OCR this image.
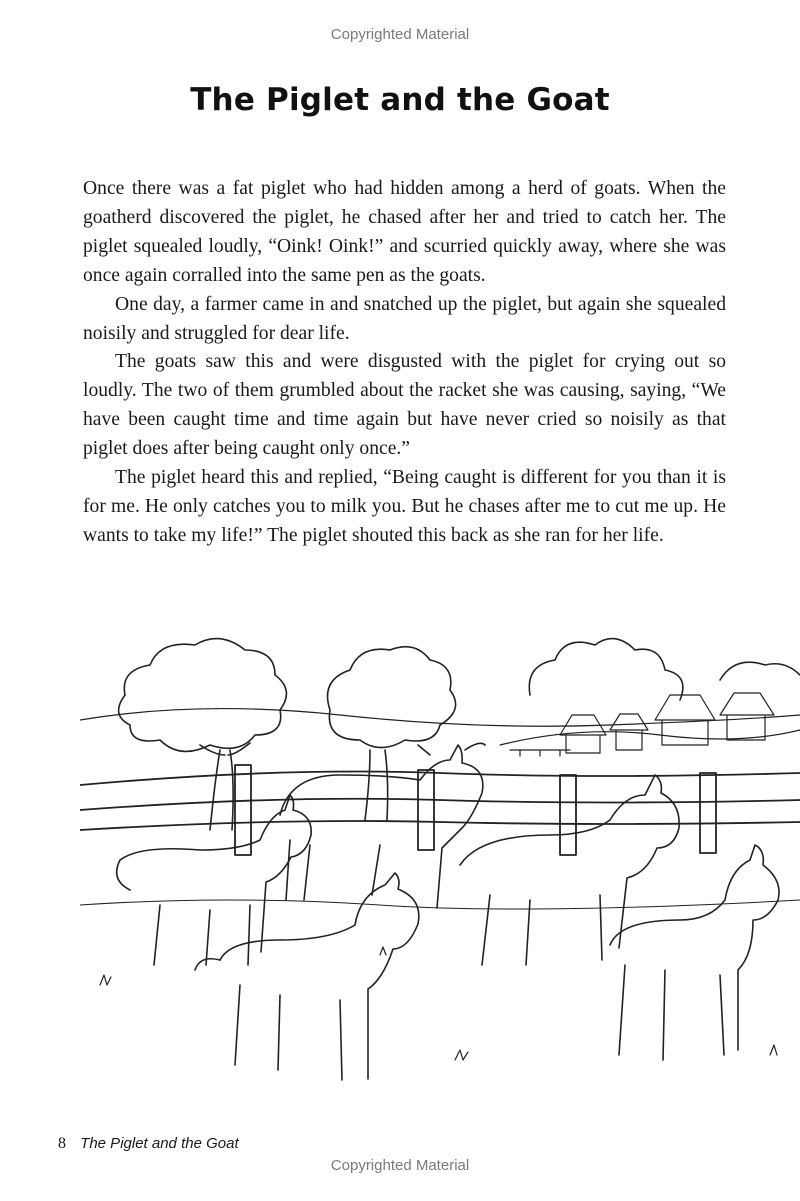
Copyrighted Material
The Piglet and the Goat

Once there was a fat piglet who had hidden among a herd of goats. When the goatherd discovered the piglet, he chased after her and tried to catch her. The piglet squealed loudly, “Oink! Oink!” and scurried quickly away, where she was once again corralled into the same pen as the goats.

One day, a farmer came in and snatched up the piglet, but again she squealed noisily and struggled for dear life.

The goats saw this and were disgusted with the piglet for crying out so loudly. The two of them grumbled about the racket she was causing, saying, “We have been caught time and time again but have never cried so noisily as that piglet does after being caught only once.”

The piglet heard this and replied, “Being caught is different for you than it is for me. He only catches you to milk you. But he chases after me to cut me up. He wants to take my life!” The piglet shouted this back as she ran for her life.

8 The Piglet and the Goat
Copyrighted Material
